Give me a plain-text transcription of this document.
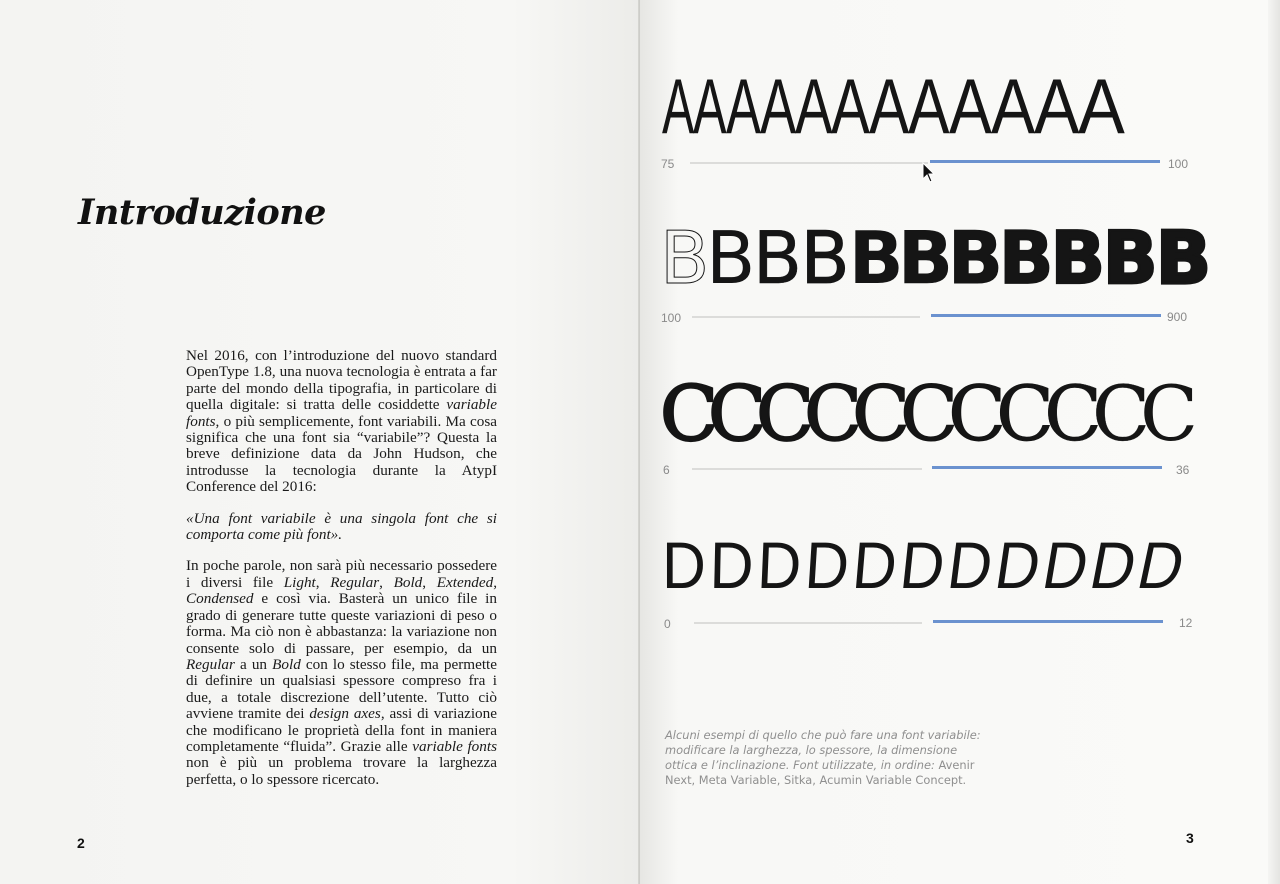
Introduzione

Nel 2016, con l’introduzione del nuovo standard OpenType 1.8, una nuova tecnologia è entrata a far parte del mondo della tipografia, in particolare di quella digitale: si tratta delle cosiddette variable fonts, o più semplicemente, font variabili. Ma cosa significa che una font sia “variabile”? Questa la breve definizione data da John Hudson, che introdusse la tecnologia durante la AtypI Conference del 2016:

«Una font variabile è una singola font che si comporta come più font».

In poche parole, non sarà più necessario possedere i diversi file Light, Regular, Bold, Extended, Condensed e così via. Basterà un unico file in grado di generare tutte queste variazioni di peso o forma. Ma ciò non è abbastanza: la variazione non consente solo di passare, per esempio, da un Regular a un Bold con lo stesso file, ma permette di definire un qualsiasi spessore compreso fra i due, a totale discrezione dell’utente. Tutto ciò avviene tramite dei design axes, assi di variazione che modificano le proprietà della font in maniera completamente “fluida”. Grazie alle variable fonts non è più un problema trovare la larghezza perfetta, o lo spessore ricercato.

2
A
A
A
A
A
A
A
A
A
A
A
A
75	100
B
B B B B
B
B
B
B B B
100	900
C
C
C
C
C
C
C
C
C
C
C
6	36
D D D D
D
D
D
D
D
D
D
0	12
Alcuni esempi di quello che può fare una font variabile: modificare la larghezza, lo spessore, la dimensione ottica e l’inclinazione. Font utilizzate, in ordine: Avenir Next, Meta Variable, Sitka, Acumin Variable Concept.
3
